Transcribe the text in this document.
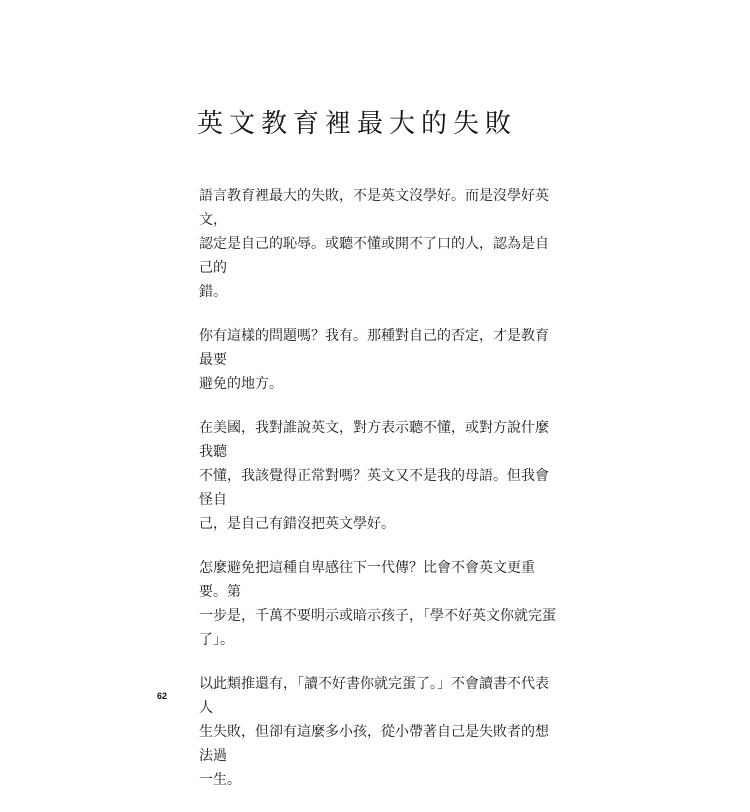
英文教育裡最大的失敗

語言教育裡最大的失敗，不是英文沒學好。而是沒學好英文，
認定是自己的恥辱。或聽不懂或開不了口的人，認為是自己的
錯。

你有這樣的問題嗎？我有。那種對自己的否定，才是教育最要
避免的地方。

在美國，我對誰說英文，對方表示聽不懂，或對方說什麼我聽
不懂，我該覺得正常對嗎？英文又不是我的母語。但我會怪自
己，是自己有錯沒把英文學好。

怎麼避免把這種自卑感往下一代傳？比會不會英文更重要。第
一步是，千萬不要明示或暗示孩子，「學不好英文你就完蛋
了」。

以此類推還有，「讀不好書你就完蛋了。」不會讀書不代表人
生失敗，但卻有這麼多小孩，從小帶著自己是失敗者的想法過
一生。

62
